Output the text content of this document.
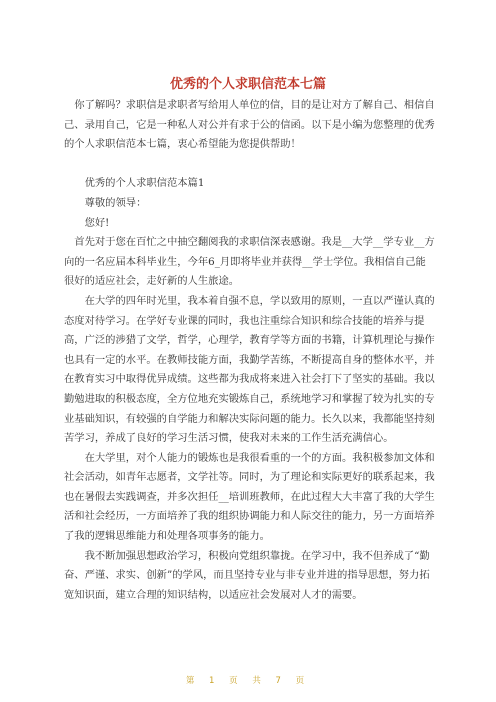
优秀的个人求职信范本七篇

你了解吗？求职信是求职者写给用人单位的信，目的是让对方了解自己、相信自己、录用自己，它是一种私人对公并有求于公的信函。以下是小编为您整理的优秀的个人求职信范本七篇，衷心希望能为您提供帮助！

优秀的个人求职信范本篇1

尊敬的领导：

您好!

首先对于您在百忙之中抽空翻阅我的求职信深表感谢。我是__大学__学专业__方向的一名应届本科毕业生，今年6_月即将毕业并获得__学士学位。我相信自己能很好的适应社会，走好新的人生旅途。

在大学的四年时光里，我本着自强不息，学以致用的原则，一直以严谨认真的态度对待学习。在学好专业课的同时，我也注重综合知识和综合技能的培养与提高，广泛的涉猎了文学，哲学，心理学，教育学等方面的书籍，计算机理论与操作也具有一定的水平。在教师技能方面，我勤学苦练，不断提高自身的整体水平，并在教育实习中取得优异成绩。这些都为我成将来进入社会打下了坚实的基础。我以勤勉进取的积极态度，全方位地充实锻炼自己，系统地学习和掌握了较为扎实的专业基础知识，有较强的自学能力和解决实际问题的能力。长久以来，我都能坚持刻苦学习，养成了良好的学习生活习惯，使我对未来的工作生活充满信心。

在大学里，对个人能力的锻炼也是我很看重的一个的方面。我积极参加文体和社会活动，如青年志愿者，文学社等。同时，为了理论和实际更好的联系起来，我也在暑假去实践调查，并多次担任__培训班教师，在此过程大大丰富了我的大学生活和社会经历，一方面培养了我的组织协调能力和人际交往的能力，另一方面培养了我的逻辑思维能力和处理各项事务的能力。

我不断加强思想政治学习，积极向党组织靠拢。在学习中，我不但养成了“勤奋、严谨、求实、创新”的学风，而且坚持专业与非专业并进的指导思想，努力拓宽知识面，建立合理的知识结构，以适应社会发展对人才的需要。

第 1 页 共 7 页
